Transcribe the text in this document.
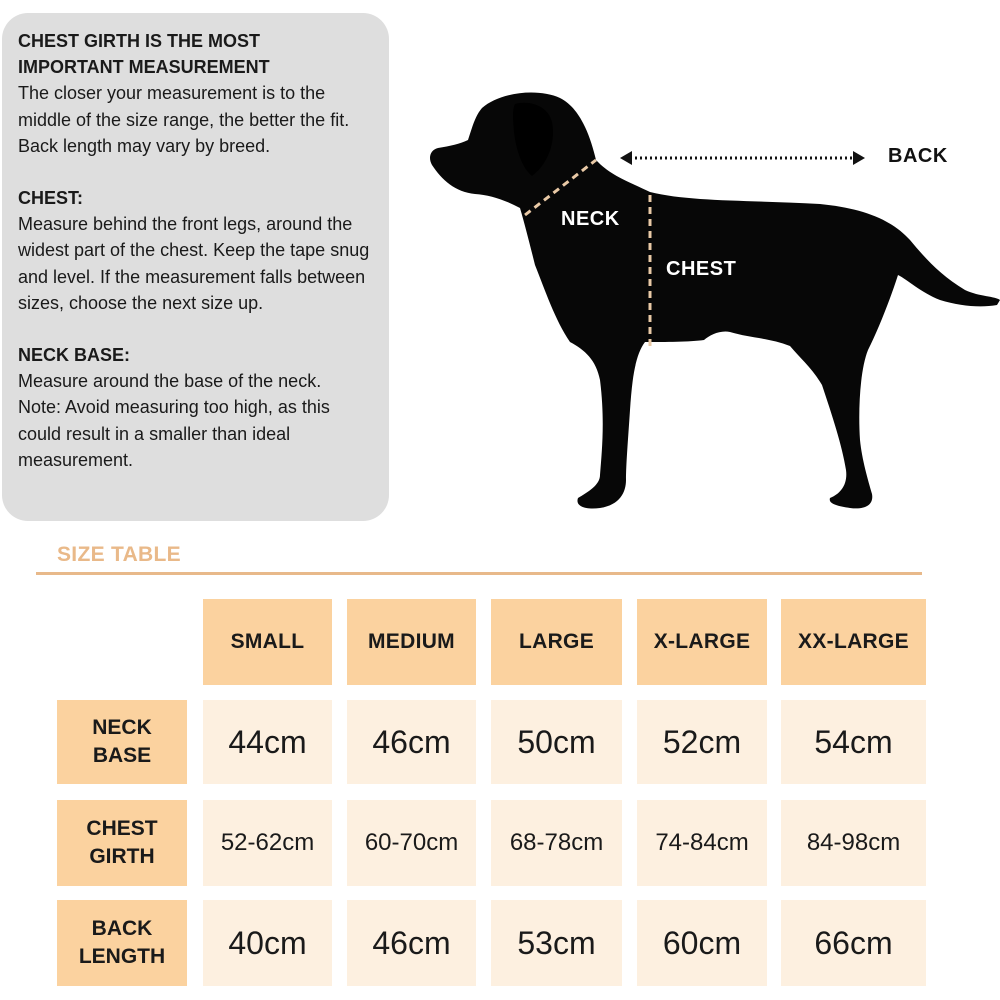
CHEST GIRTH IS THE MOST IMPORTANT MEASUREMENT

The closer your measurement is to the middle of the size range, the better the fit. Back length may vary by breed.

CHEST:

Measure behind the front legs, around the widest part of the chest. Keep the tape snug and level. If the measurement falls between sizes, choose the next size up.

NECK BASE:

Measure around the base of the neck. Note: Avoid measuring too high, as this could result in a smaller than ideal measurement.

NECK
CHEST
BACK
SIZE TABLE
SMALL	MEDIUM	LARGE	X-LARGE	XX-LARGE
NECK
BASE	44cm	46cm	50cm	52cm	54cm
CHEST
GIRTH
52-62cm	60-70cm	68-78cm	74-84cm	84-98cm
BACK
LENGTH	40cm	46cm	53cm	60cm	66cm
